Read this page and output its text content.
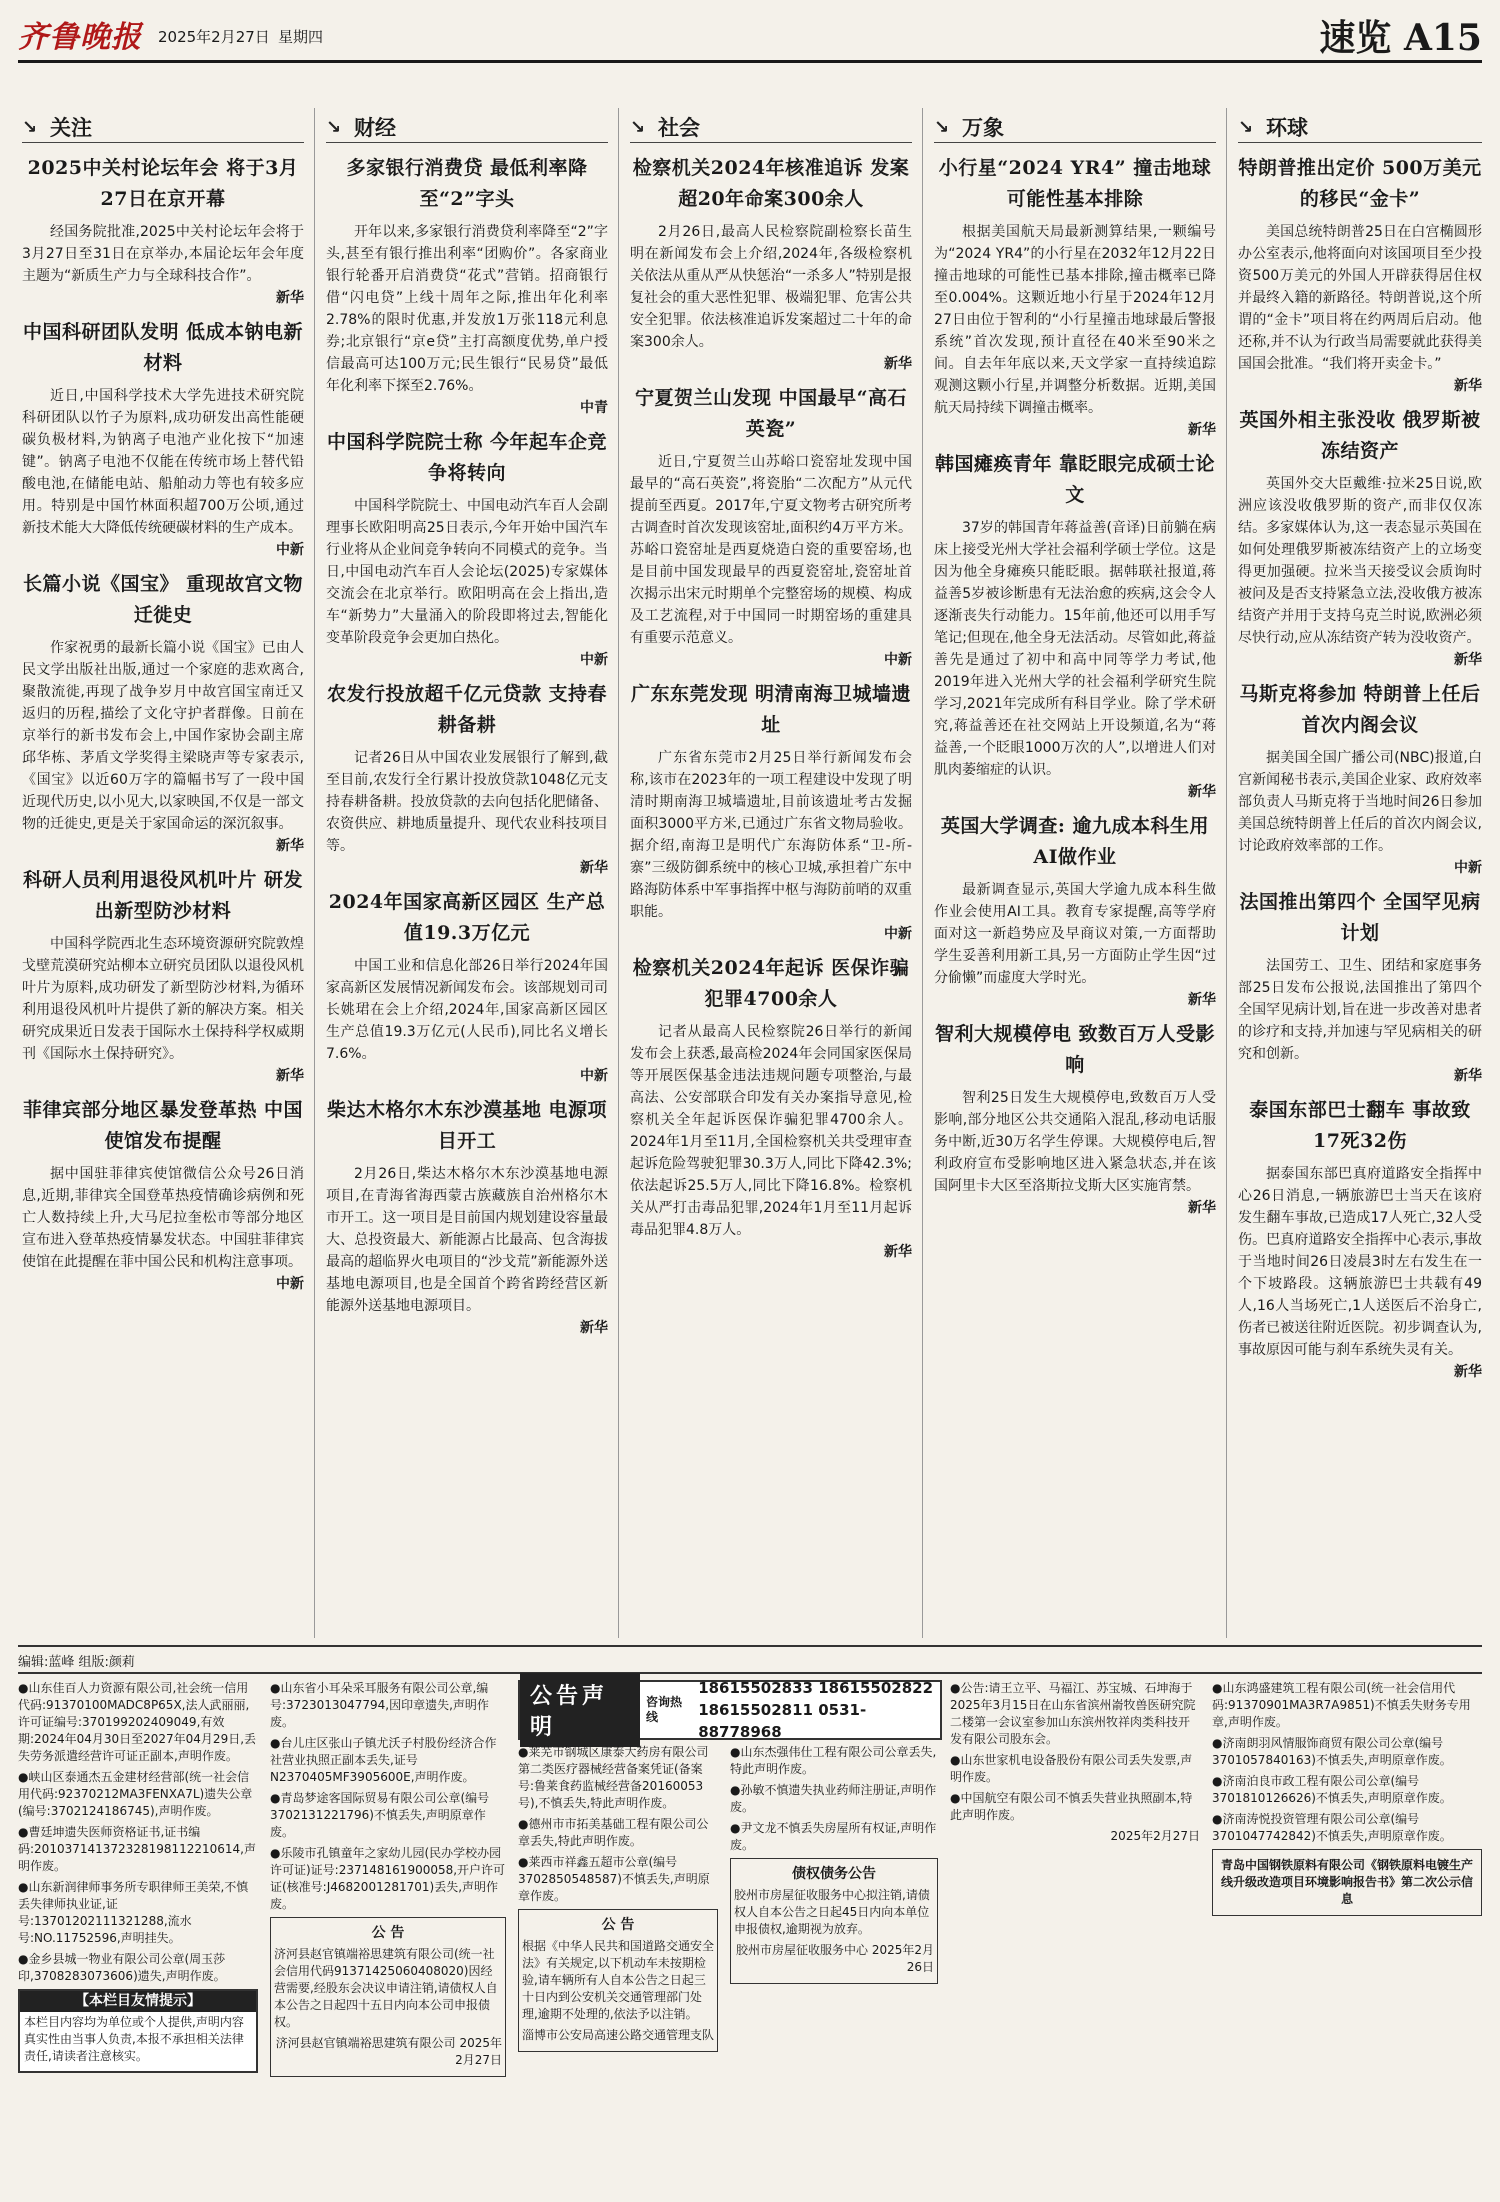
齐鲁晚报 2025年2月27日 星期四	速览 A15
↘ 关注
2025中关村论坛年会 将于3月27日在京开幕

经国务院批准,2025中关村论坛年会将于3月27日至31日在京举办,本届论坛年会年度主题为“新质生产力与全球科技合作”。

新华
中国科研团队发明 低成本钠电新材料

近日,中国科学技术大学先进技术研究院科研团队以竹子为原料,成功研发出高性能硬碳负极材料,为钠离子电池产业化按下“加速键”。钠离子电池不仅能在传统市场上替代铅酸电池,在储能电站、船舶动力等也有较多应用。特别是中国竹林面积超700万公顷,通过新技术能大大降低传统硬碳材料的生产成本。

中新
长篇小说《国宝》 重现故宫文物迁徙史

作家祝勇的最新长篇小说《国宝》已由人民文学出版社出版,通过一个家庭的悲欢离合,聚散流徙,再现了战争岁月中故宫国宝南迁又返归的历程,描绘了文化守护者群像。日前在京举行的新书发布会上,中国作家协会副主席邱华栋、茅盾文学奖得主梁晓声等专家表示,《国宝》以近60万字的篇幅书写了一段中国近现代历史,以小见大,以家映国,不仅是一部文物的迁徙史,更是关于家国命运的深沉叙事。

新华
科研人员利用退役风机叶片 研发出新型防沙材料

中国科学院西北生态环境资源研究院敦煌戈壁荒漠研究站柳本立研究员团队以退役风机叶片为原料,成功研发了新型防沙材料,为循环利用退役风机叶片提供了新的解决方案。相关研究成果近日发表于国际水土保持科学权威期刊《国际水土保持研究》。

新华
菲律宾部分地区暴发登革热 中国使馆发布提醒

据中国驻菲律宾使馆微信公众号26日消息,近期,菲律宾全国登革热疫情确诊病例和死亡人数持续上升,大马尼拉奎松市等部分地区宣布进入登革热疫情暴发状态。中国驻菲律宾使馆在此提醒在菲中国公民和机构注意事项。

中新
↘ 财经
多家银行消费贷 最低利率降至“2”字头

开年以来,多家银行消费贷利率降至“2”字头,甚至有银行推出利率“团购价”。各家商业银行轮番开启消费贷“花式”营销。招商银行借“闪电贷”上线十周年之际,推出年化利率2.78%的限时优惠,并发放1万张118元利息券;北京银行“京e贷”主打高额度优势,单户授信最高可达100万元;民生银行“民易贷”最低年化利率下探至2.76%。

中青
中国科学院院士称 今年起车企竞争将转向

中国科学院院士、中国电动汽车百人会副理事长欧阳明高25日表示,今年开始中国汽车行业将从企业间竞争转向不同模式的竞争。当日,中国电动汽车百人会论坛(2025)专家媒体交流会在北京举行。欧阳明高在会上指出,造车“新势力”大量涌入的阶段即将过去,智能化变革阶段竞争会更加白热化。

中新
农发行投放超千亿元贷款 支持春耕备耕

记者26日从中国农业发展银行了解到,截至目前,农发行全行累计投放贷款1048亿元支持春耕备耕。投放贷款的去向包括化肥储备、农资供应、耕地质量提升、现代农业科技项目等。

新华
2024年国家高新区园区 生产总值19.3万亿元

中国工业和信息化部26日举行2024年国家高新区发展情况新闻发布会。该部规划司司长姚珺在会上介绍,2024年,国家高新区园区生产总值19.3万亿元(人民币),同比名义增长7.6%。

中新
柴达木格尔木东沙漠基地 电源项目开工

2月26日,柴达木格尔木东沙漠基地电源项目,在青海省海西蒙古族藏族自治州格尔木市开工。这一项目是目前国内规划建设容量最大、总投资最大、新能源占比最高、包含海拔最高的超临界火电项目的“沙戈荒”新能源外送基地电源项目,也是全国首个跨省跨经营区新能源外送基地电源项目。

新华
↘ 社会
检察机关2024年核准追诉 发案超20年命案300余人

2月26日,最高人民检察院副检察长苗生明在新闻发布会上介绍,2024年,各级检察机关依法从重从严从快惩治“一杀多人”特别是报复社会的重大恶性犯罪、极端犯罪、危害公共安全犯罪。依法核准追诉发案超过二十年的命案300余人。

新华
宁夏贺兰山发现 中国最早“高石英瓷”

近日,宁夏贺兰山苏峪口瓷窑址发现中国最早的“高石英瓷”,将瓷胎“二次配方”从元代提前至西夏。2017年,宁夏文物考古研究所考古调查时首次发现该窑址,面积约4万平方米。苏峪口瓷窑址是西夏烧造白瓷的重要窑场,也是目前中国发现最早的西夏瓷窑址,瓷窑址首次揭示出宋元时期单个完整窑场的规模、构成及工艺流程,对于中国同一时期窑场的重建具有重要示范意义。

中新
广东东莞发现 明清南海卫城墙遗址

广东省东莞市2月25日举行新闻发布会称,该市在2023年的一项工程建设中发现了明清时期南海卫城墙遗址,目前该遗址考古发掘面积3000平方米,已通过广东省文物局验收。据介绍,南海卫是明代广东海防体系“卫-所-寨”三级防御系统中的核心卫城,承担着广东中路海防体系中军事指挥中枢与海防前哨的双重职能。

中新
检察机关2024年起诉 医保诈骗犯罪4700余人

记者从最高人民检察院26日举行的新闻发布会上获悉,最高检2024年会同国家医保局等开展医保基金违法违规问题专项整治,与最高法、公安部联合印发有关办案指导意见,检察机关全年起诉医保诈骗犯罪4700余人。2024年1月至11月,全国检察机关共受理审查起诉危险驾驶犯罪30.3万人,同比下降42.3%;依法起诉25.5万人,同比下降16.8%。检察机关从严打击毒品犯罪,2024年1月至11月起诉毒品犯罪4.8万人。

新华
↘ 万象
小行星“2024 YR4” 撞击地球可能性基本排除

根据美国航天局最新测算结果,一颗编号为“2024 YR4”的小行星在2032年12月22日撞击地球的可能性已基本排除,撞击概率已降至0.004%。这颗近地小行星于2024年12月27日由位于智利的“小行星撞击地球最后警报系统”首次发现,预计直径在40米至90米之间。自去年年底以来,天文学家一直持续追踪观测这颗小行星,并调整分析数据。近期,美国航天局持续下调撞击概率。

新华
韩国瘫痪青年 靠眨眼完成硕士论文

37岁的韩国青年蒋益善(音译)日前躺在病床上接受光州大学社会福利学硕士学位。这是因为他全身瘫痪只能眨眼。据韩联社报道,蒋益善5岁被诊断患有无法治愈的疾病,这会令人逐渐丧失行动能力。15年前,他还可以用手写笔记;但现在,他全身无法活动。尽管如此,蒋益善先是通过了初中和高中同等学力考试,他2019年进入光州大学的社会福利学研究生院学习,2021年完成所有科目学业。除了学术研究,蒋益善还在社交网站上开设频道,名为“蒋益善,一个眨眼1000万次的人”,以增进人们对肌肉萎缩症的认识。

新华
英国大学调查: 逾九成本科生用AI做作业

最新调查显示,英国大学逾九成本科生做作业会使用AI工具。教育专家提醒,高等学府面对这一新趋势应及早商议对策,一方面帮助学生妥善利用新工具,另一方面防止学生因“过分偷懒”而虚度大学时光。

新华
智利大规模停电 致数百万人受影响

智利25日发生大规模停电,致数百万人受影响,部分地区公共交通陷入混乱,移动电话服务中断,近30万名学生停课。大规模停电后,智利政府宣布受影响地区进入紧急状态,并在该国阿里卡大区至洛斯拉戈斯大区实施宵禁。

新华
↘ 环球
特朗普推出定价 500万美元的移民“金卡”

美国总统特朗普25日在白宫椭圆形办公室表示,他将面向对该国项目至少投资500万美元的外国人开辟获得居住权并最终入籍的新路径。特朗普说,这个所谓的“金卡”项目将在约两周后启动。他还称,并不认为行政当局需要就此获得美国国会批准。“我们将开卖金卡。”

新华
英国外相主张没收 俄罗斯被冻结资产

英国外交大臣戴维·拉米25日说,欧洲应该没收俄罗斯的资产,而非仅仅冻结。多家媒体认为,这一表态显示英国在如何处理俄罗斯被冻结资产上的立场变得更加强硬。拉米当天接受议会质询时被问及是否支持紧急立法,没收俄方被冻结资产并用于支持乌克兰时说,欧洲必须尽快行动,应从冻结资产转为没收资产。

新华
马斯克将参加 特朗普上任后首次内阁会议

据美国全国广播公司(NBC)报道,白宫新闻秘书表示,美国企业家、政府效率部负责人马斯克将于当地时间26日参加美国总统特朗普上任后的首次内阁会议,讨论政府效率部的工作。

中新
法国推出第四个 全国罕见病计划

法国劳工、卫生、团结和家庭事务部25日发布公报说,法国推出了第四个全国罕见病计划,旨在进一步改善对患者的诊疗和支持,并加速与罕见病相关的研究和创新。

新华
泰国东部巴士翻车 事故致17死32伤

据泰国东部巴真府道路安全指挥中心26日消息,一辆旅游巴士当天在该府发生翻车事故,已造成17人死亡,32人受伤。巴真府道路安全指挥中心表示,事故于当地时间26日凌晨3时左右发生在一个下坡路段。这辆旅游巴士共载有49人,16人当场死亡,1人送医后不治身亡,伤者已被送往附近医院。初步调查认为,事故原因可能与刹车系统失灵有关。

新华
编辑:蓝峰 组版:颜莉

●山东佳百人力资源有限公司,社会统一信用代码:91370100MADC8P65X,法人武丽丽,许可证编号:370199202409049,有效期:2024年04月30日至2027年04月29日,丢失劳务派遣经营许可证正副本,声明作废。

●峡山区泰通杰五金建材经营部(统一社会信用代码:92370212MA3FENXA7L)遗失公章(编号:3702124186745),声明作废。

●曹廷坤遗失医师资格证书,证书编码:201037141372328198112210614,声明作废。

●山东新润律师事务所专职律师王美荣,不慎丢失律师执业证,证号:13701202111321288,流水号:NO.11752596,声明挂失。

●金乡县城一物业有限公司公章(周玉莎印,3708283073606)遗失,声明作废。

【本栏目友情提示】

本栏目内容均为单位或个人提供,声明内容真实性由当事人负责,本报不承担相关法律责任,请读者注意核实。

●山东省小耳朵采耳服务有限公司公章,编号:3723013047794,因印章遗失,声明作废。

●台儿庄区张山子镇尤沃子村股份经济合作社营业执照正副本丢失,证号N2370405MF3905600E,声明作废。

●青岛梦途客国际贸易有限公司公章(编号3702131221796)不慎丢失,声明原章作废。

●乐陵市孔镇童年之家幼儿园(民办学校办园许可证)证号:237148161900058,开户许可证(核准号:J4682001281701)丢失,声明作废。

公 告

济河县赵官镇端裕思建筑有限公司(统一社会信用代码91371425060408020)因经营需要,经股东会决议申请注销,请债权人自本公告之日起四十五日内向本公司申报债权。

济河县赵官镇端裕思建筑有限公司 2025年2月27日

公告声明
咨询热线
18615502833 18615502822
18615502811 0531-88778968

●莱芜市钢城区康泰大药房有限公司第二类医疗器械经营备案凭证(备案号:鲁莱食药监械经营备20160053号),不慎丢失,特此声明作废。

●德州市市拓美基础工程有限公司公章丢失,特此声明作废。

●莱西市祥鑫五超市公章(编号3702850548587)不慎丢失,声明原章作废。

公 告

根据《中华人民共和国道路交通安全法》有关规定,以下机动车未按期检验,请车辆所有人自本公告之日起三十日内到公安机关交通管理部门处理,逾期不处理的,依法予以注销。

淄博市公安局高速公路交通管理支队

●山东杰强伟仕工程有限公司公章丢失,特此声明作废。

●孙敏不慎遗失执业药师注册证,声明作废。

●尹文龙不慎丢失房屋所有权证,声明作废。

债权债务公告

胶州市房屋征收服务中心拟注销,请债权人自本公告之日起45日内向本单位申报债权,逾期视为放弃。

胶州市房屋征收服务中心 2025年2月26日

●公告:请王立平、马福江、苏宝城、石坤海于2025年3月15日在山东省滨州嵛牧兽医研究院二楼第一会议室参加山东滨州牧祥肉类科技开发有限公司股东会。

●山东世家机电设备股份有限公司丢失发票,声明作废。

●中国航空有限公司不慎丢失营业执照副本,特此声明作废。

2025年2月27日

●山东鸿盛建筑工程有限公司(统一社会信用代码:91370901MA3R7A9851)不慎丢失财务专用章,声明作废。

●济南朗羽风情服饰商贸有限公司公章(编号3701057840163)不慎丢失,声明原章作废。

●济南泊良市政工程有限公司公章(编号3701810126626)不慎丢失,声明原章作废。

●济南涛悦投资管理有限公司公章(编号3701047742842)不慎丢失,声明原章作废。

青岛中国钢铁原料有限公司《钢铁原料电镀生产线升级改造项目环境影响报告书》第二次公示信息
